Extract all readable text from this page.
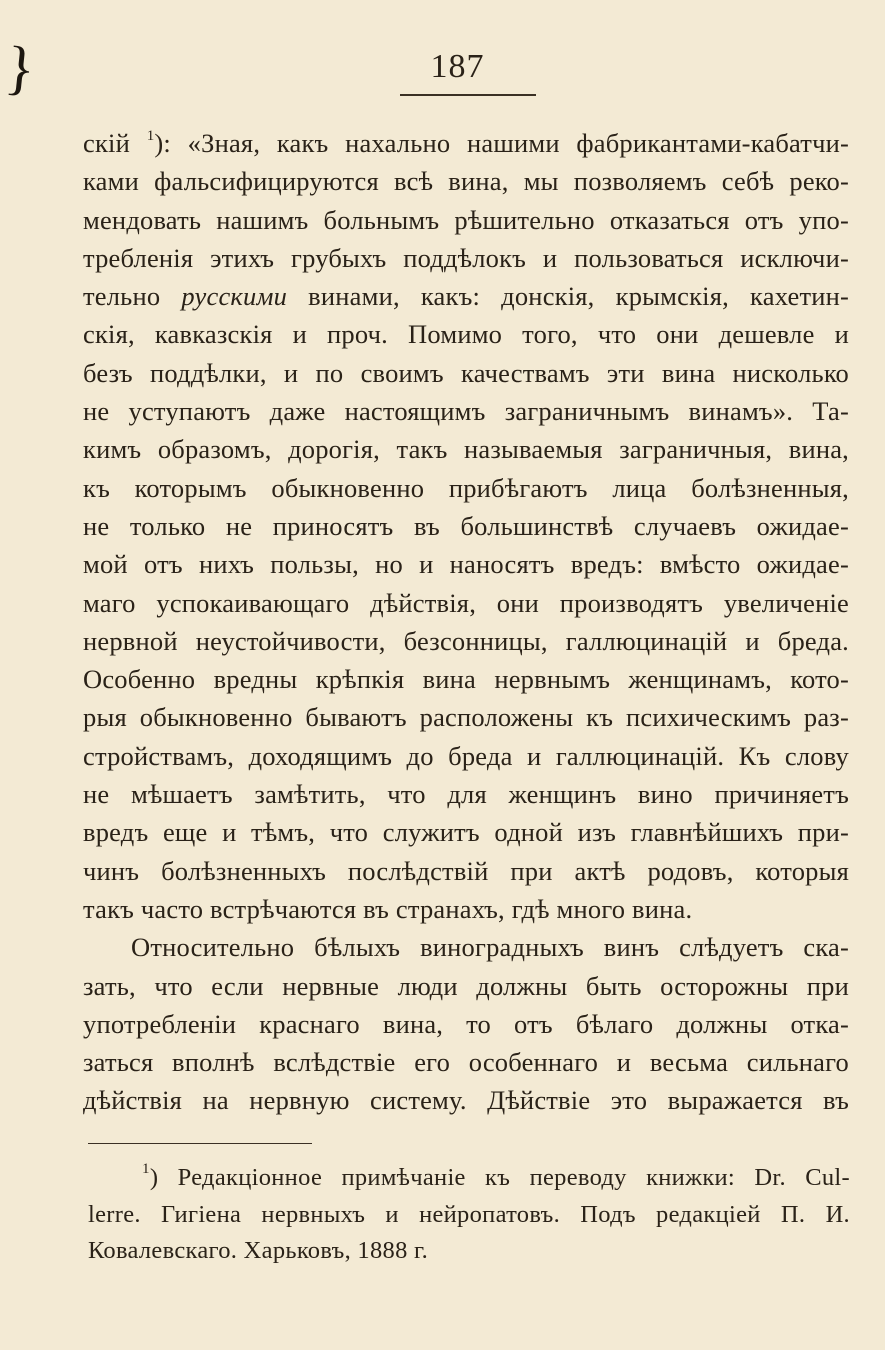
}	187
скій $^1$): «Зная, какъ нахально нашими фабрикантами-кабатчи-
ками фальсифицируются всѣ вина, мы позволяемъ себѣ реко-
мендовать нашимъ больнымъ рѣшительно отказаться отъ упо-
требленія этихъ грубыхъ поддѣлокъ и пользоваться исключи-
тельно русскими винами, какъ: донскія, крымскія, кахетин-
скія, кавказскія и проч. Помимо того, что они дешевле и
безъ поддѣлки, и по своимъ качествамъ эти вина нисколько
не уступаютъ даже настоящимъ заграничнымъ винамъ». Та-
кимъ образомъ, дорогія, такъ называемыя заграничныя, вина,
къ которымъ обыкновенно прибѣгаютъ лица болѣзненныя,
не только не приносятъ въ большинствѣ случаевъ ожидае-
мой отъ нихъ пользы, но и наносятъ вредъ: вмѣсто ожидае-
маго успокаивающаго дѣйствія, они производятъ увеличеніе
нервной неустойчивости, безсонницы, галлюцинацій и бреда.
Особенно вредны крѣпкія вина нервнымъ женщинамъ, кото-
рыя обыкновенно бываютъ расположены къ психическимъ раз-
стройствамъ, доходящимъ до бреда и галлюцинацій. Къ слову
не мѣшаетъ замѣтить, что для женщинъ вино причиняетъ
вредъ еще и тѣмъ, что служитъ одной изъ главнѣйшихъ при-
чинъ болѣзненныхъ послѣдствій при актѣ родовъ, которыя
такъ часто встрѣчаются въ странахъ, гдѣ много вина.
Относительно бѣлыхъ виноградныхъ винъ слѣдуетъ ска-
зать, что если нервные люди должны быть осторожны при
употребленіи краснаго вина, то отъ бѣлаго должны отка-
заться вполнѣ вслѣдствіе его особеннаго и весьма сильнаго
дѣйствія на нервную систему. Дѣйствіе это выражается въ
$^1$) Редакціонное примѣчаніе къ переводу книжки: Dr. Cul-
lerre. Гигіена нервныхъ и нейропатовъ. Подъ редакціей П. И.
Ковалевскаго. Харьковъ, 1888 г.
